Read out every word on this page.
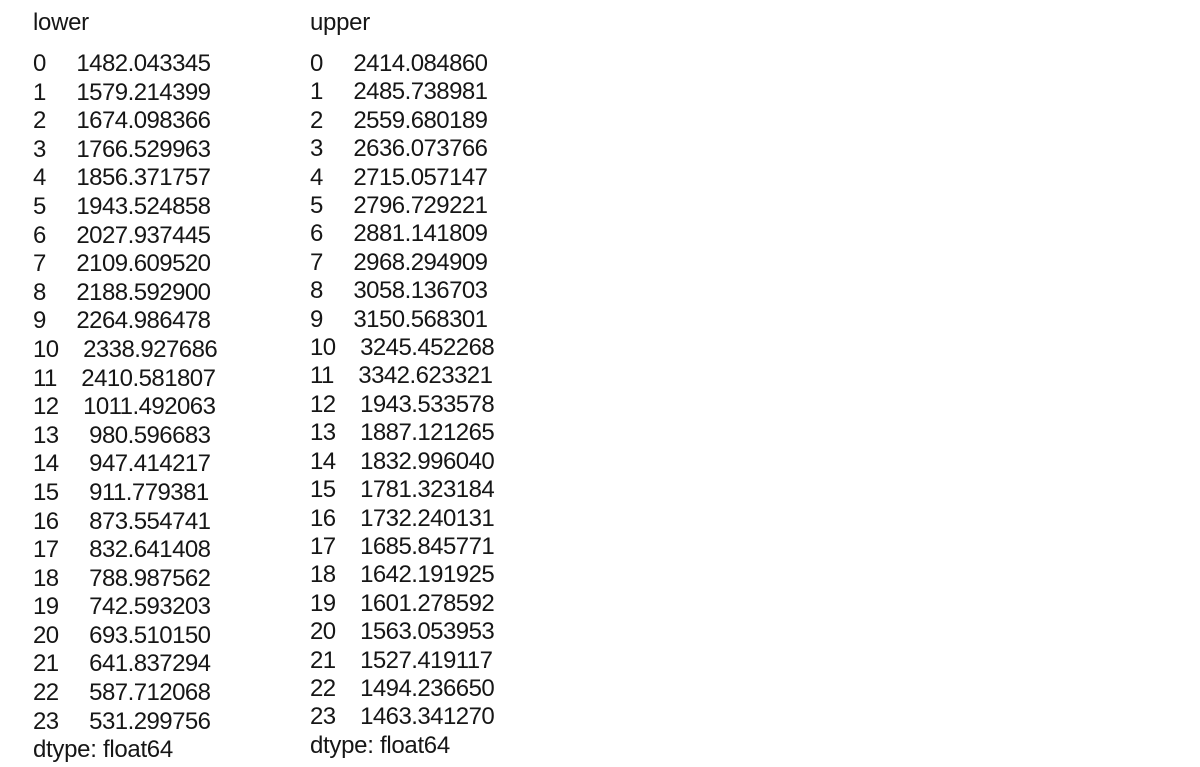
lower
0     1482.043345
1     1579.214399
2     1674.098366
3     1766.529963
4     1856.371757
5     1943.524858
6     2027.937445
7     2109.609520
8     2188.592900
9     2264.986478
10    2338.927686
11    2410.581807
12    1011.492063
13     980.596683
14     947.414217
15     911.779381
16     873.554741
17     832.641408
18     788.987562
19     742.593203
20     693.510150
21     641.837294
22     587.712068
23     531.299756
dtype: float64
upper
0     2414.084860
1     2485.738981
2     2559.680189
3     2636.073766
4     2715.057147
5     2796.729221
6     2881.141809
7     2968.294909
8     3058.136703
9     3150.568301
10    3245.452268
11    3342.623321
12    1943.533578
13    1887.121265
14    1832.996040
15    1781.323184
16    1732.240131
17    1685.845771
18    1642.191925
19    1601.278592
20    1563.053953
21    1527.419117
22    1494.236650
23    1463.341270
dtype: float64
